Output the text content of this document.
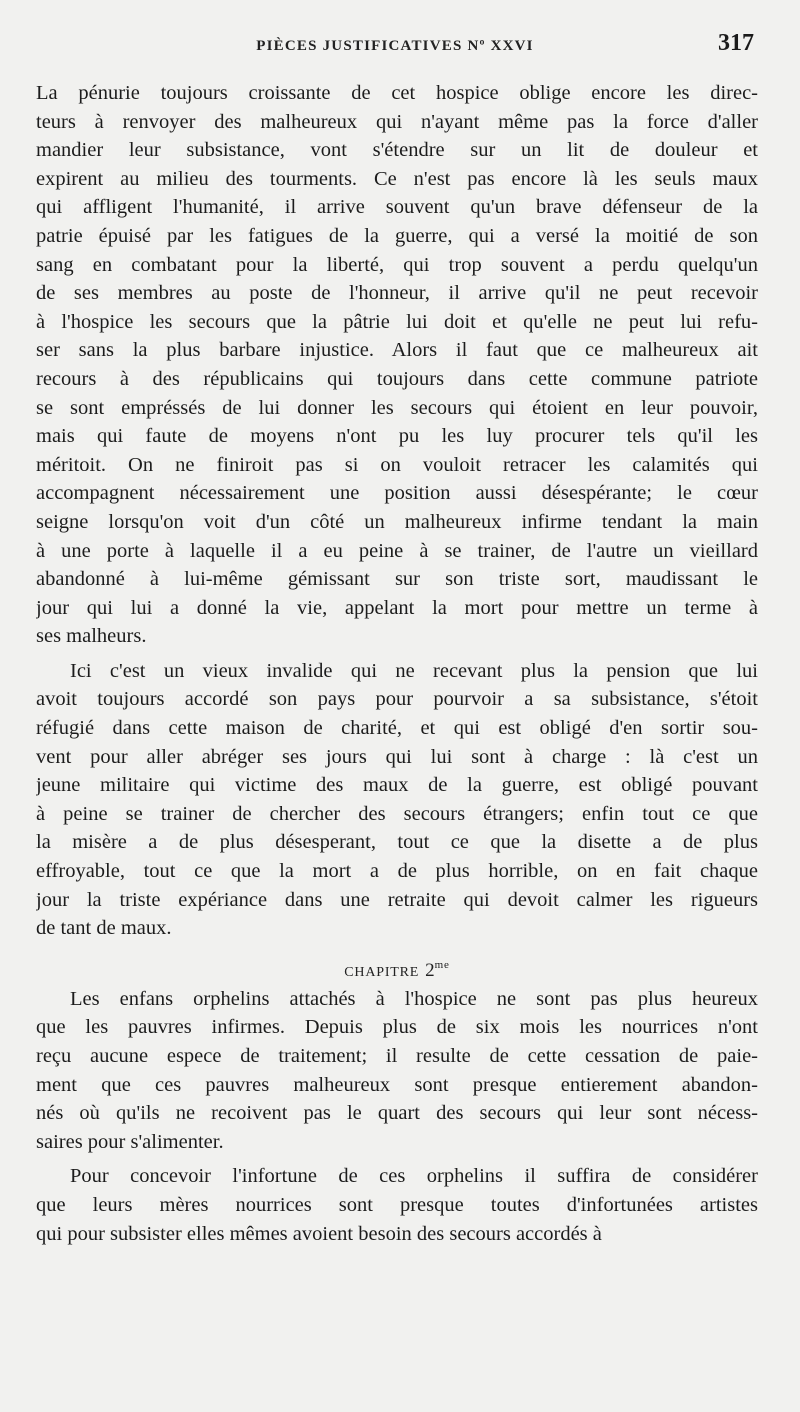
PIÈCES JUSTIFICATIVES Nº XXVI	317
La pénurie toujours croissante de cet hospice oblige encore les direc-
teurs à renvoyer des malheureux qui n'ayant même pas la force d'aller
mandier leur subsistance, vont s'étendre sur un lit de douleur et
expirent au milieu des tourments. Ce n'est pas encore là les seuls maux
qui affligent l'humanité, il arrive souvent qu'un brave défenseur de la
patrie épuisé par les fatigues de la guerre, qui a versé la moitié de son
sang en combatant pour la liberté, qui trop souvent a perdu quelqu'un
de ses membres au poste de l'honneur, il arrive qu'il ne peut recevoir
à l'hospice les secours que la pâtrie lui doit et qu'elle ne peut lui refu-
ser sans la plus barbare injustice. Alors il faut que ce malheureux ait
recours à des républicains qui toujours dans cette commune patriote
se sont empréssés de lui donner les secours qui étoient en leur pouvoir,
mais qui faute de moyens n'ont pu les luy procurer tels qu'il les
méritoit. On ne finiroit pas si on vouloit retracer les calamités qui
accompagnent nécessairement une position aussi désespérante; le cœur
seigne lorsqu'on voit d'un côté un malheureux infirme tendant la main
à une porte à laquelle il a eu peine à se trainer, de l'autre un vieillard
abandonné à lui-même gémissant sur son triste sort, maudissant le
jour qui lui a donné la vie, appelant la mort pour mettre un terme à
ses malheurs.
Ici c'est un vieux invalide qui ne recevant plus la pension que lui
avoit toujours accordé son pays pour pourvoir a sa subsistance, s'étoit
réfugié dans cette maison de charité, et qui est obligé d'en sortir sou-
vent pour aller abréger ses jours qui lui sont à charge : là c'est un
jeune militaire qui victime des maux de la guerre, est obligé pouvant
à peine se trainer de chercher des secours étrangers; enfin tout ce que
la misère a de plus désesperant, tout ce que la disette a de plus
effroyable, tout ce que la mort a de plus horrible, on en fait chaque
jour la triste expériance dans une retraite qui devoit calmer les rigueurs
de tant de maux.
CHAPITRE $2^{me}$
Les enfans orphelins attachés à l'hospice ne sont pas plus heureux
que les pauvres infirmes. Depuis plus de six mois les nourrices n'ont
reçu aucune espece de traitement; il resulte de cette cessation de paie-
ment que ces pauvres malheureux sont presque entierement abandon-
nés où qu'ils ne recoivent pas le quart des secours qui leur sont nécess-
saires pour s'alimenter.
Pour concevoir l'infortune de ces orphelins il suffira de considérer
que leurs mères nourrices sont presque toutes d'infortunées artistes
qui pour subsister elles mêmes avoient besoin des secours accordés à
